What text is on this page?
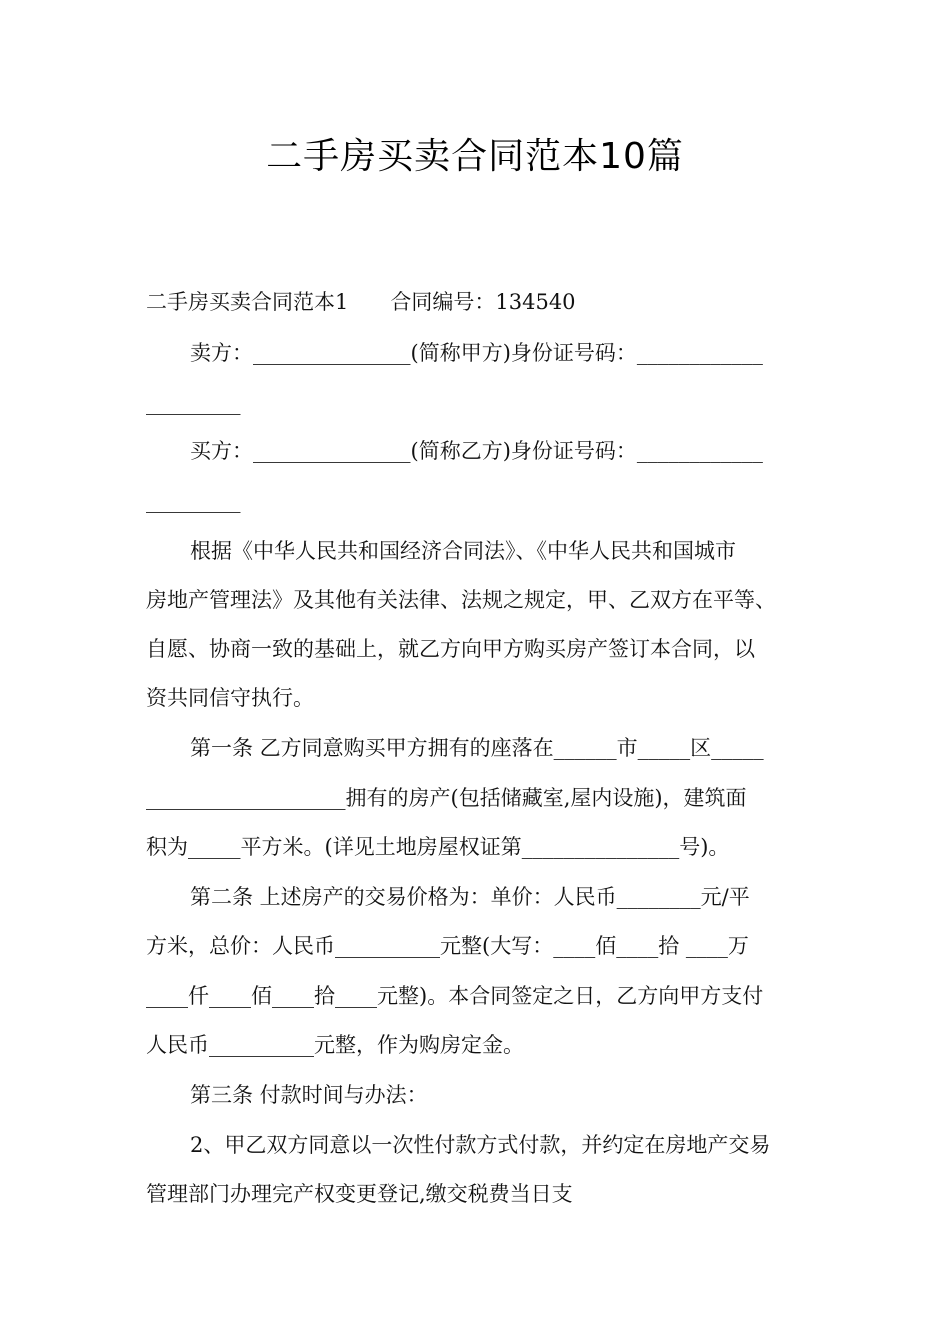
二手房买卖合同范本10篇
二手房买卖合同范本1 合同编号：134540
卖方：_______________(简称甲方)身份证号码：____________
_________
买方：_______________(简称乙方)身份证号码：____________
_________
根据《中华人民共和国经济合同法》、《中华人民共和国城市
房地产管理法》及其他有关法律、法规之规定，甲、乙双方在平等、
自愿、协商一致的基础上，就乙方向甲方购买房产签订本合同，以
资共同信守执行。
第一条 乙方同意购买甲方拥有的座落在______市_____区_____
___________________拥有的房产(包括储藏室,屋内设施)，建筑面
积为_____平方米。(详见土地房屋权证第_______________号)。
第二条 上述房产的交易价格为：单价：人民币________元/平
方米，总价：人民币__________元整(大写：____佰____拾 ____万
____仟____佰____拾____元整)。本合同签定之日，乙方向甲方支付
人民币__________元整，作为购房定金。
第三条 付款时间与办法：
2、甲乙双方同意以一次性付款方式付款，并约定在房地产交易
管理部门办理完产权变更登记,缴交税费当日支
